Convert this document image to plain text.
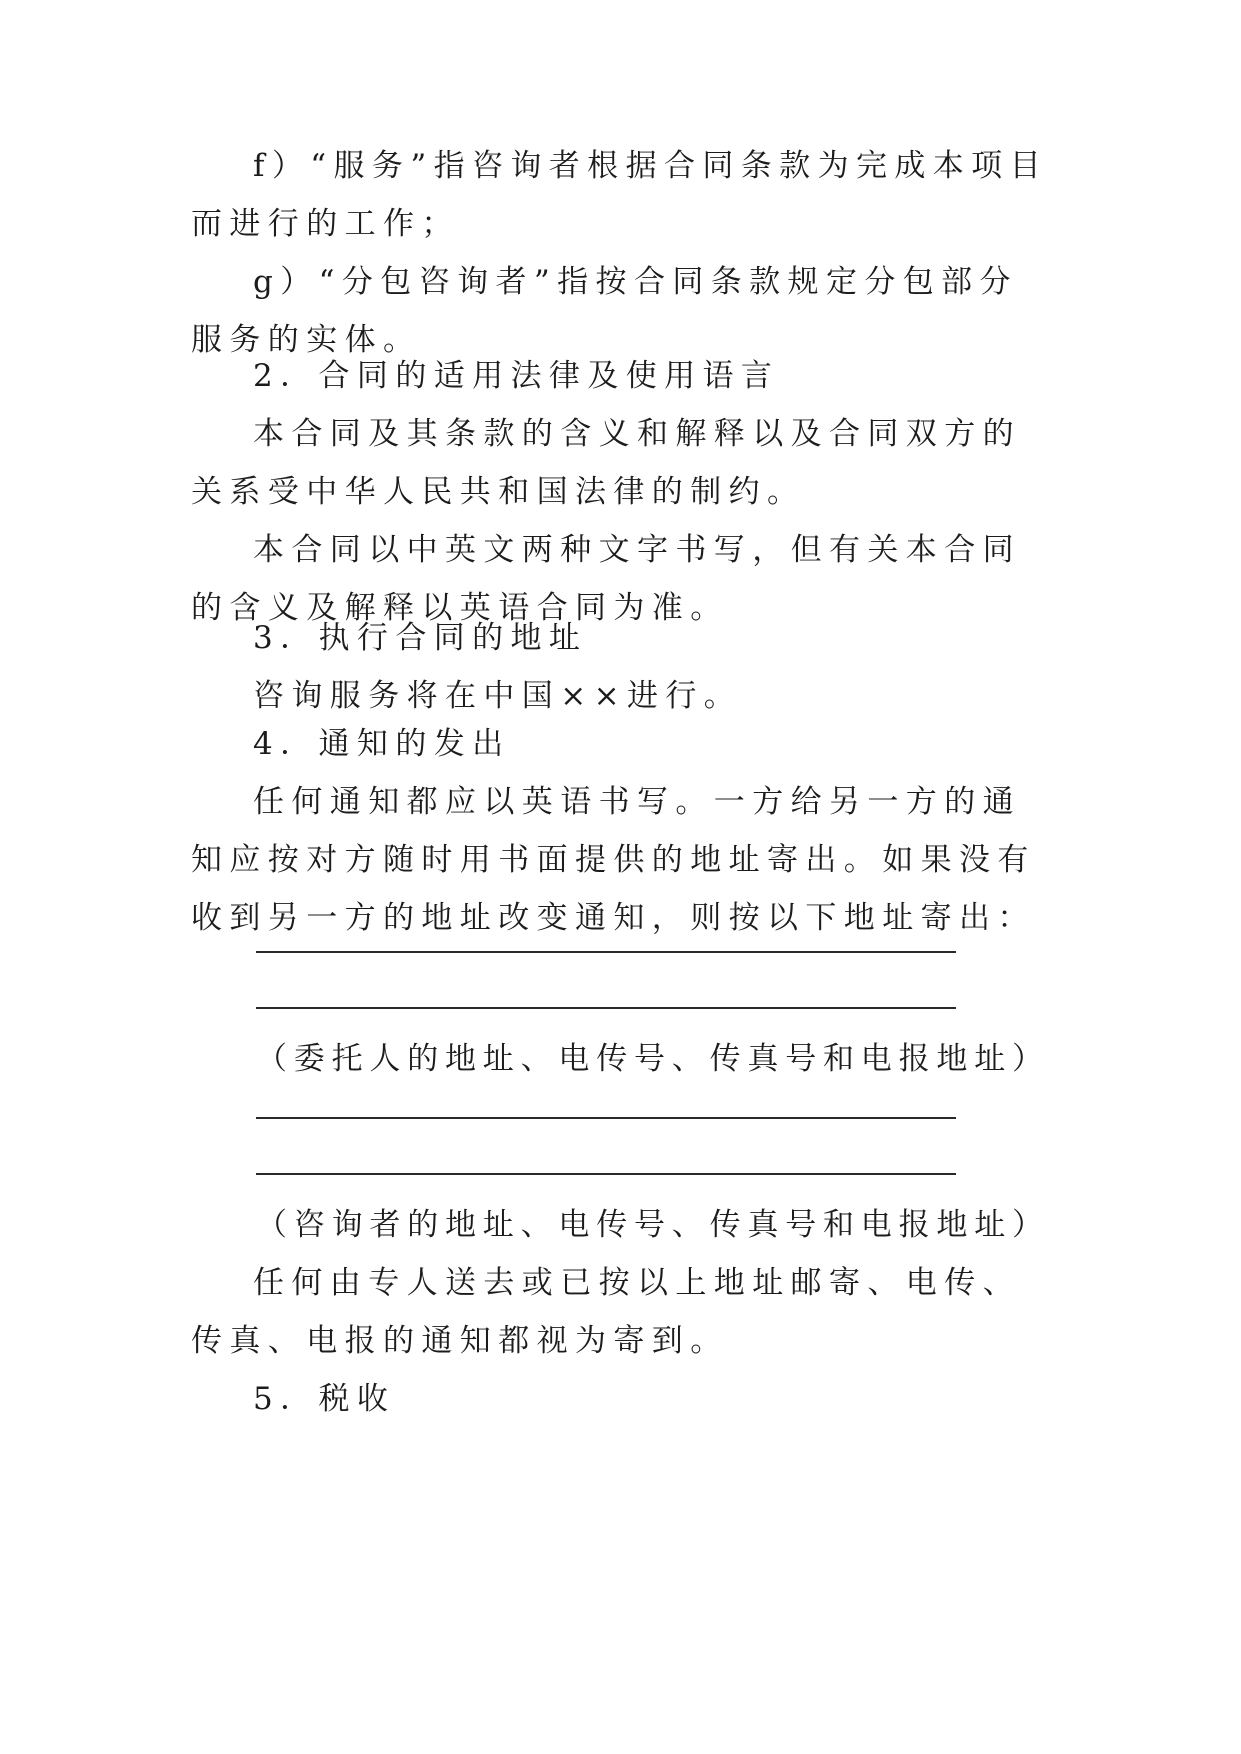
f）“服务”指咨询者根据合同条款为完成本项目而进行的工作；

g）“分包咨询者”指按合同条款规定分包部分服务的实体。

2．合同的适用法律及使用语言

本合同及其条款的含义和解释以及合同双方的关系受中华人民共和国法律的制约。

本合同以中英文两种文字书写，但有关本合同的含义及解释以英语合同为准。

3．执行合同的地址

咨询服务将在中国××进行。

4．通知的发出

任何通知都应以英语书写。一方给另一方的通知应按对方随时用书面提供的地址寄出。如果没有收到另一方的地址改变通知，则按以下地址寄出：

（委托人的地址、电传号、传真号和电报地址）
（咨询者的地址、电传号、传真号和电报地址）

任何由专人送去或已按以上地址邮寄、电传、传真、电报的通知都视为寄到。

5．税收
